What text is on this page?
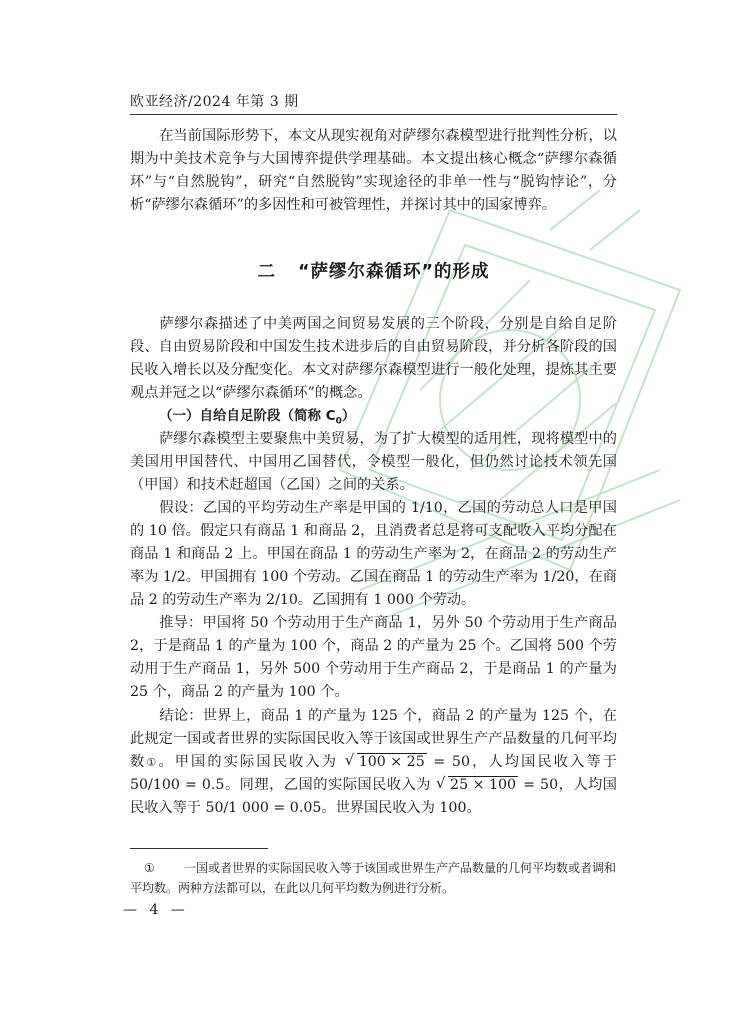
欧亚经济/2024 年第 3 期
在当前国际形势下，本文从现实视角对萨缪尔森模型进行批判性分析，以期为中美技术竞争与大国博弈提供学理基础。本文提出核心概念“萨缪尔森循环”与“自然脱钩”，研究“自然脱钩”实现途径的非单一性与“脱钩悖论”，分析“萨缪尔森循环”的多因性和可被管理性，并探讨其中的国家博弈。
二 “萨缪尔森循环”的形成
萨缪尔森描述了中美两国之间贸易发展的三个阶段，分别是自给自足阶段、自由贸易阶段和中国发生技术进步后的自由贸易阶段，并分析各阶段的国民收入增长以及分配变化。本文对萨缪尔森模型进行一般化处理，提炼其主要观点并冠之以“萨缪尔森循环”的概念。
（一）自给自足阶段（简称 $C_0$）
萨缪尔森模型主要聚焦中美贸易，为了扩大模型的适用性，现将模型中的美国用甲国替代、中国用乙国替代，令模型一般化，但仍然讨论技术领先国（甲国）和技术赶超国（乙国）之间的关系。
假设：乙国的平均劳动生产率是甲国的 1/10，乙国的劳动总人口是甲国的 10 倍。假定只有商品 1 和商品 2，且消费者总是将可支配收入平均分配在商品 1 和商品 2 上。甲国在商品 1 的劳动生产率为 2，在商品 2 的劳动生产率为 1/2。甲国拥有 100 个劳动。乙国在商品 1 的劳动生产率为 1/20，在商品 2 的劳动生产率为 2/10。乙国拥有 1 000 个劳动。
推导：甲国将 50 个劳动用于生产商品 1，另外 50 个劳动用于生产商品 2，于是商品 1 的产量为 100 个，商品 2 的产量为 25 个。乙国将 500 个劳动用于生产商品 1，另外 500 个劳动用于生产商品 2，于是商品 1 的产量为 25 个，商品 2 的产量为 100 个。
结论：世界上，商品 1 的产量为 125 个，商品 2 的产量为 125 个，在此规定一国或者世界的实际国民收入等于该国或世界生产产品数量的几何平均数①。甲国的实际国民收入为 √ 100 × 25 = 50，人均国民收入等于 50/100 = 0.5。同理，乙国的实际国民收入为 √ 25 × 100 = 50，人均国民收入等于 50/1 000 = 0.05。世界国民收入为 100。
① 一国或者世界的实际国民收入等于该国或世界生产产品数量的几何平均数或者调和平均数。两种方法都可以，在此以几何平均数为例进行分析。
— 4 —
